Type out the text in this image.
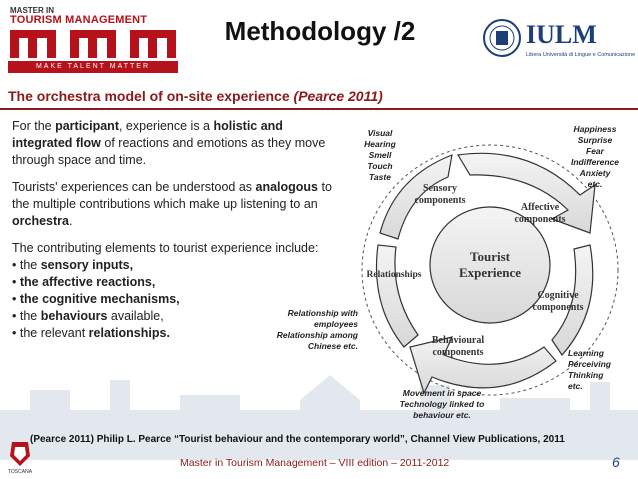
MASTER IN
TOURISM MANAGEMENT
MAKE TALENT MATTER
Methodology /2	IULM
Libera Università di Lingue e Comunicazione
The orchestra model of on-site experience (Pearce 2011)

For the participant, experience is a holistic and integrated flow of reactions and emotions as they move through space and time.

Tourists' experiences can be understood as analogous to the multiple contributions which make up listening to an orchestra.

The contributing elements to tourist experience include:

• the sensory inputs,
• the affective reactions,
• the cognitive mechanisms,
• the behaviours available,
• the relevant relationships.
Tourist
Experience
Sensory
components
Affective
components
Cognitive
components
Behavioural
components
Relationships
Visual
Hearing
Smell
Touch
Taste
Happiness
Surprise
Fear
Indifference
Anxiety
etc.
Relationship with
employees
Relationship among
Chinese etc.
Learning
Perceiving
Thinking
etc.
Movement in space
Technology linked to
behaviour etc.
(Pearce 2011) Philip L. Pearce “Tourist behaviour and the contemporary world”, Channel View Publications, 2011
TOSCANA
Master in Tourism Management – VIII edition – 2011-2012	6
